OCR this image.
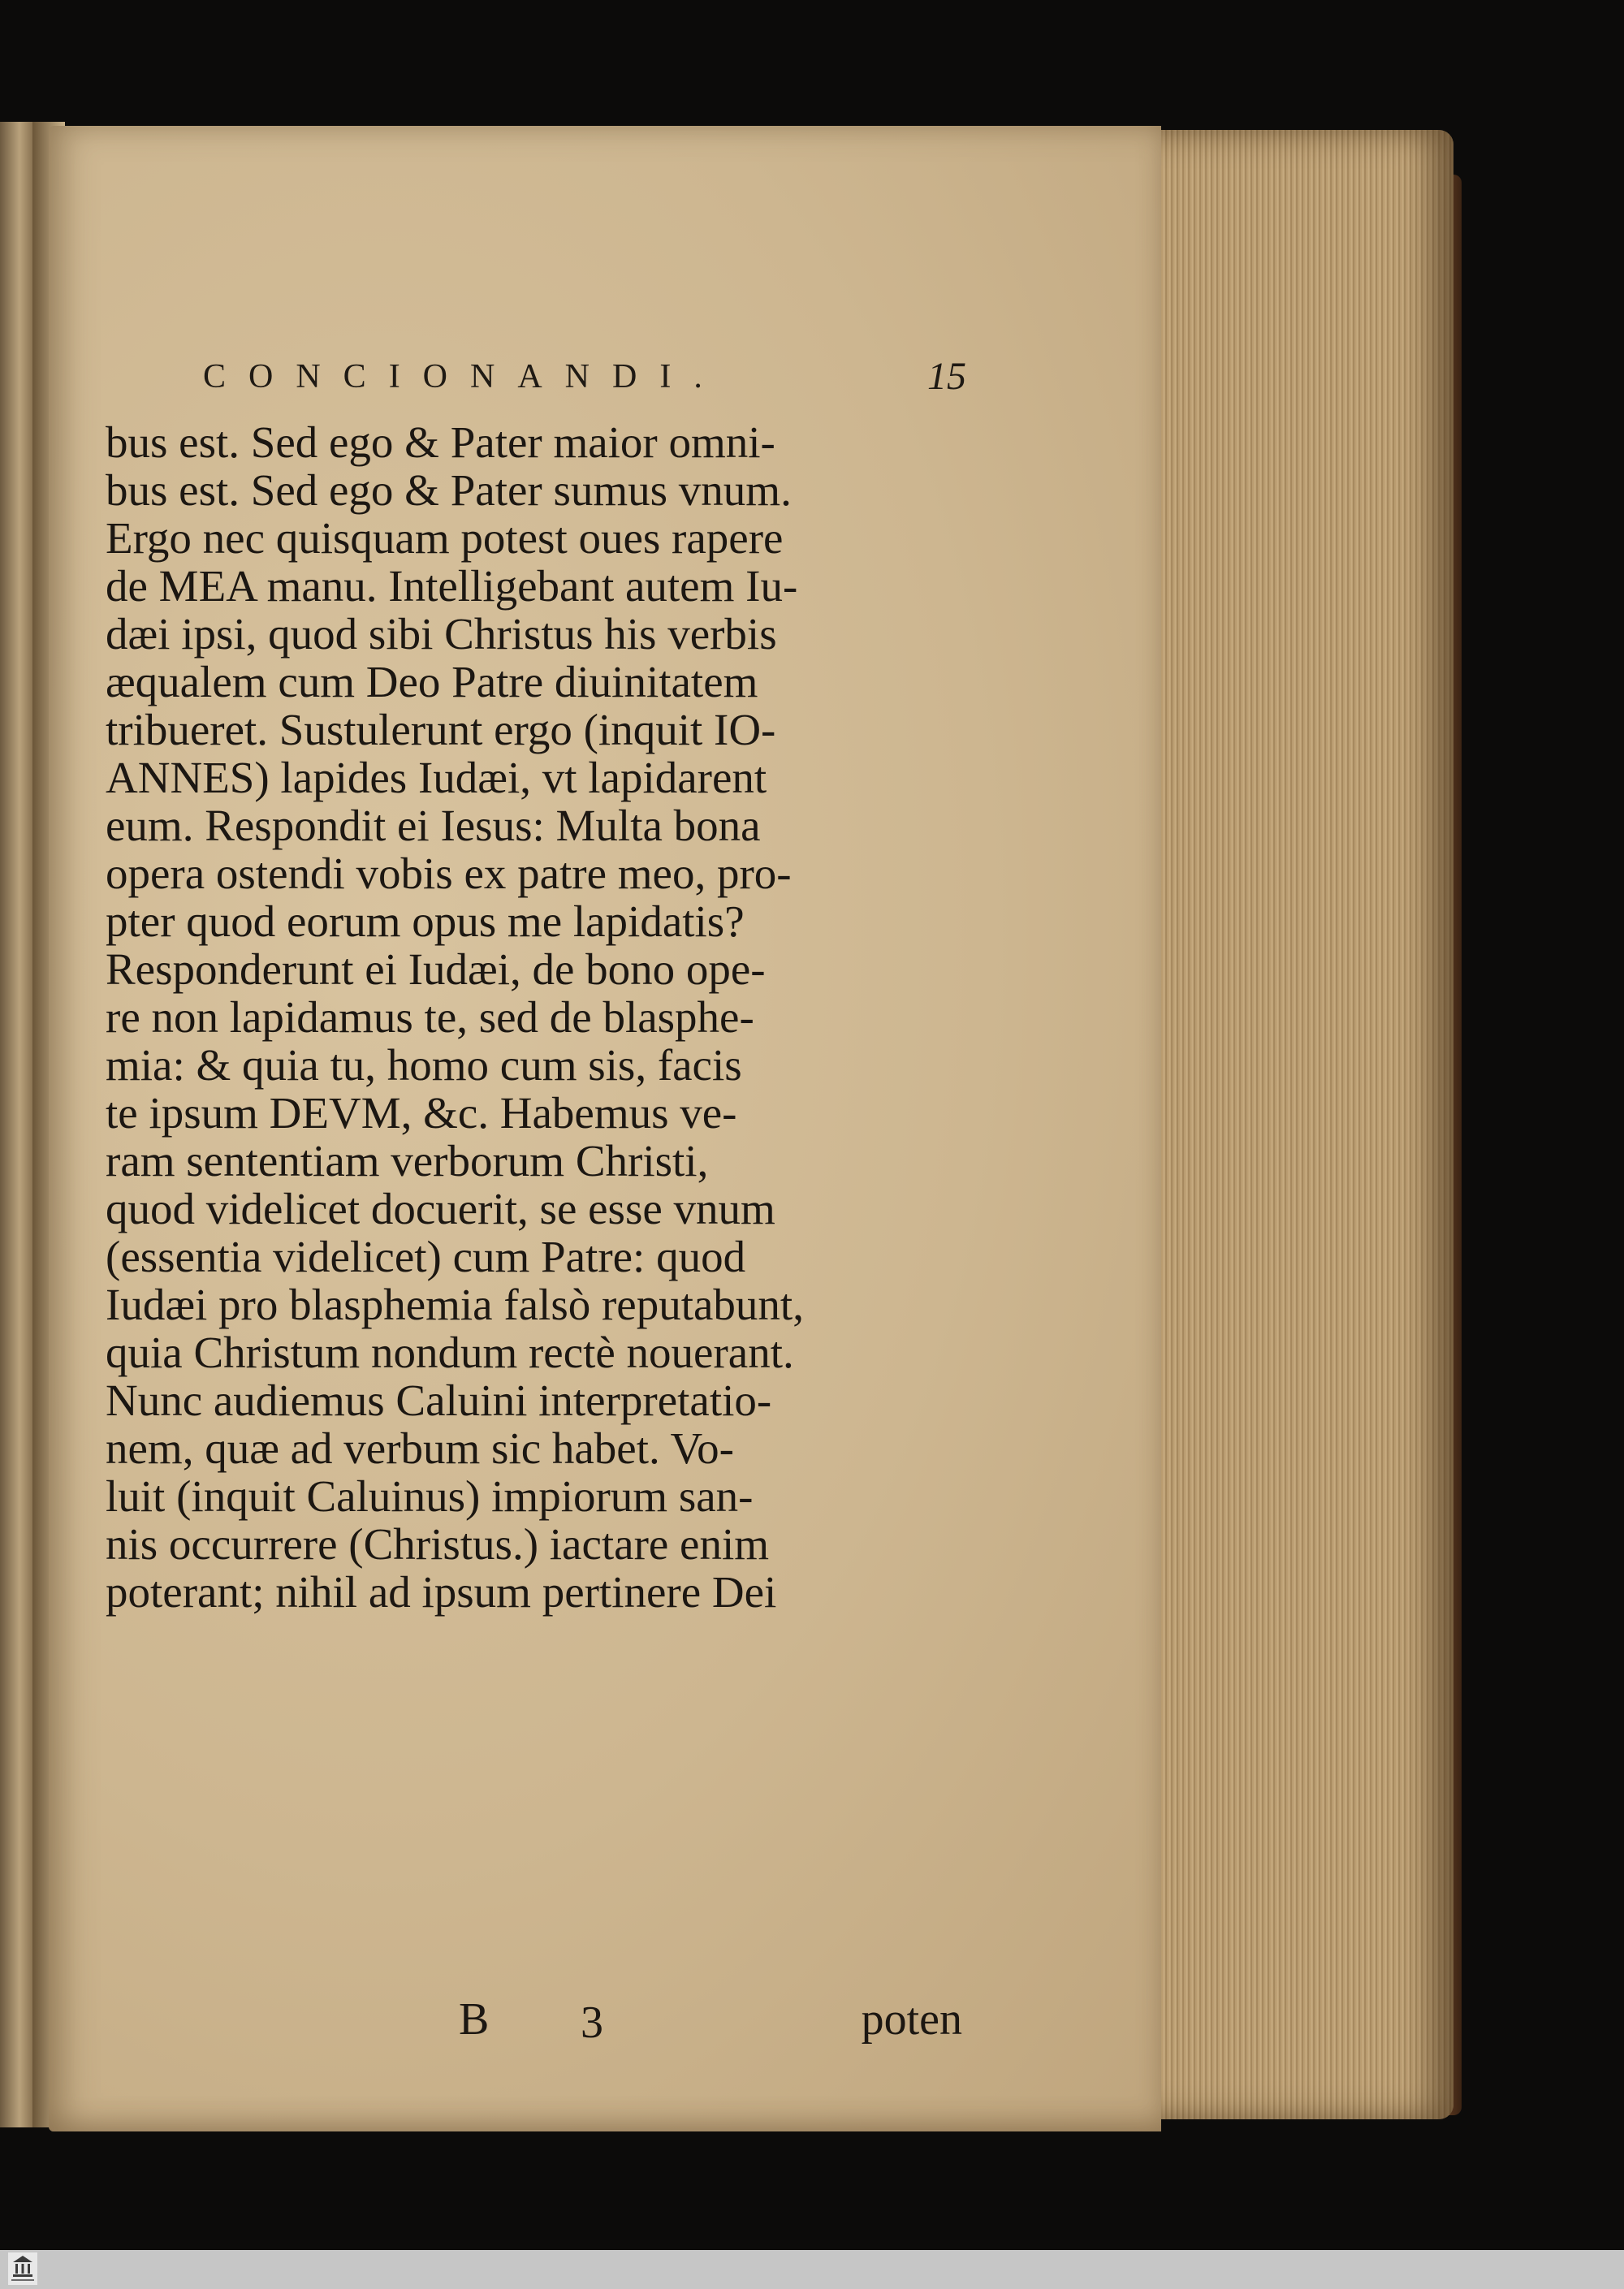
CONCIONANDI.	15
bus est. Sed ego & Pater maior omni-
bus est. Sed ego & Pater sumus vnum.
Ergo nec quisquam potest oues rapere
de MEA manu. Intelligebant autem Iu-
dæi ipsi, quod sibi Christus his verbis
æqualem cum Deo Patre diuinitatem
tribueret. Sustulerunt ergo (inquit IO-
ANNES) lapides Iudæi, vt lapidarent
eum. Respondit ei Iesus: Multa bona
opera ostendi vobis ex patre meo, pro-
pter quod eorum opus me lapidatis?
Responderunt ei Iudæi, de bono ope-
re non lapidamus te, sed de blasphe-
mia: & quia tu, homo cum sis, facis
te ipsum DEVM, &c. Habemus ve-
ram sententiam verborum Christi,
quod videlicet docuerit, se esse vnum
(essentia videlicet) cum Patre: quod
Iudæi pro blasphemia falsò reputabunt,
quia Christum nondum rectè nouerant.
Nunc audiemus Caluini interpretatio-
nem, quæ ad verbum sic habet. Vo-
luit (inquit Caluinus) impiorum san-
nis occurrere (Christus.) iactare enim
poterant; nihil ad ipsum pertinere Dei
B 3	poten
